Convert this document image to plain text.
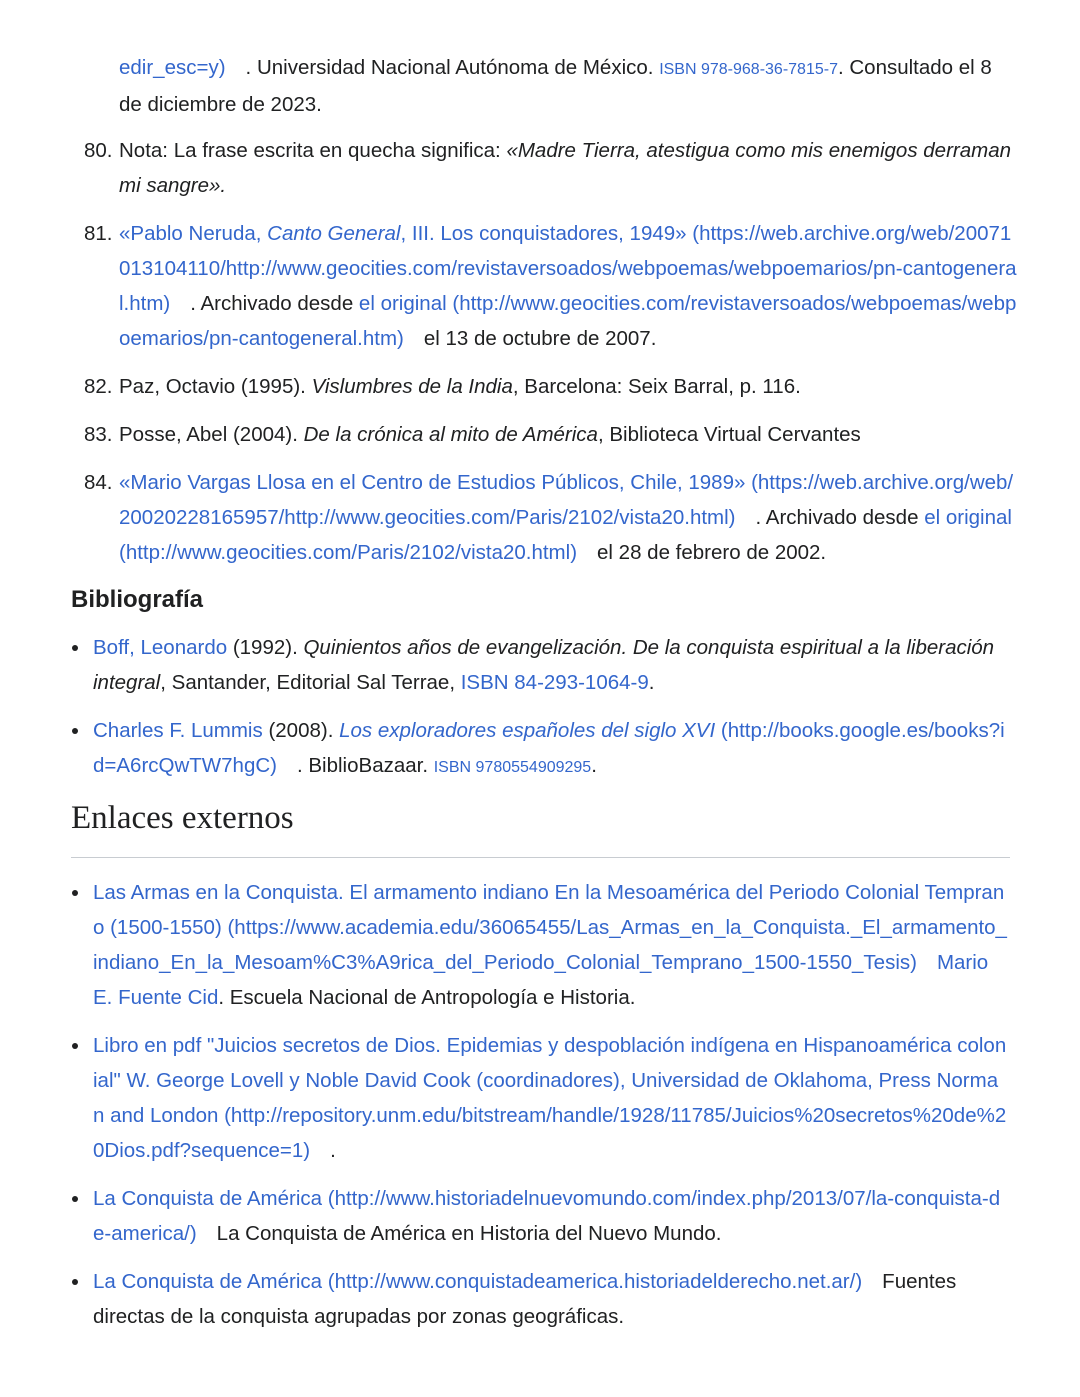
edir_esc=y) . Universidad Nacional Autónoma de México. ISBN 978-968-36-7815-7. Consultado el 8 de diciembre de 2023.
80. Nota: La frase escrita en quecha significa: «Madre Tierra, atestigua como mis enemigos derraman mi sangre».
81. «Pablo Neruda, Canto General, III. Los conquistadores, 1949» (https://web.archive.org/web/20071013104110/http://www.geocities.com/revistaversoados/webpoemas/webpoemarios/pn-cantogeneral.htm) . Archivado desde el original (http://www.geocities.com/revistaversoados/webpoemas/webpoemarios/pn-cantogeneral.htm) el 13 de octubre de 2007.
82. Paz, Octavio (1995). Vislumbres de la India, Barcelona: Seix Barral, p. 116.
83. Posse, Abel (2004). De la crónica al mito de América, Biblioteca Virtual Cervantes
84. «Mario Vargas Llosa en el Centro de Estudios Públicos, Chile, 1989» (https://web.archive.org/web/20020228165957/http://www.geocities.com/Paris/2102/vista20.html) . Archivado desde el original (http://www.geocities.com/Paris/2102/vista20.html) el 28 de febrero de 2002.
Bibliografía
Boff, Leonardo (1992). Quinientos años de evangelización. De la conquista espiritual a la liberación integral, Santander, Editorial Sal Terrae, ISBN 84-293-1064-9.
Charles F. Lummis (2008). Los exploradores españoles del siglo XVI (http://books.google.es/books?id=A6rcQwTW7hgC) . BiblioBazaar. ISBN 9780554909295.
Enlaces externos
Las Armas en la Conquista. El armamento indiano En la Mesoamérica del Periodo Colonial Temprano (1500-1550) (https://www.academia.edu/36065455/Las_Armas_en_la_Conquista._El_armamento_indiano_En_la_Mesoam%C3%A9rica_del_Periodo_Colonial_Temprano_1500-1550_Tesis) Mario E. Fuente Cid. Escuela Nacional de Antropología e Historia.
Libro en pdf "Juicios secretos de Dios. Epidemias y despoblación indígena en Hispanoamérica colonial" W. George Lovell y Noble David Cook (coordinadores), Universidad de Oklahoma, Press Norman and London (http://repository.unm.edu/bitstream/handle/1928/11785/Juicios%20secretos%20de%20Dios.pdf?sequence=1) .
La Conquista de América (http://www.historiadelnuevomundo.com/index.php/2013/07/la-conquista-de-america/) La Conquista de América en Historia del Nuevo Mundo.
La Conquista de América (http://www.conquistadeamerica.historiadelderecho.net.ar/) Fuentes directas de la conquista agrupadas por zonas geográficas.
